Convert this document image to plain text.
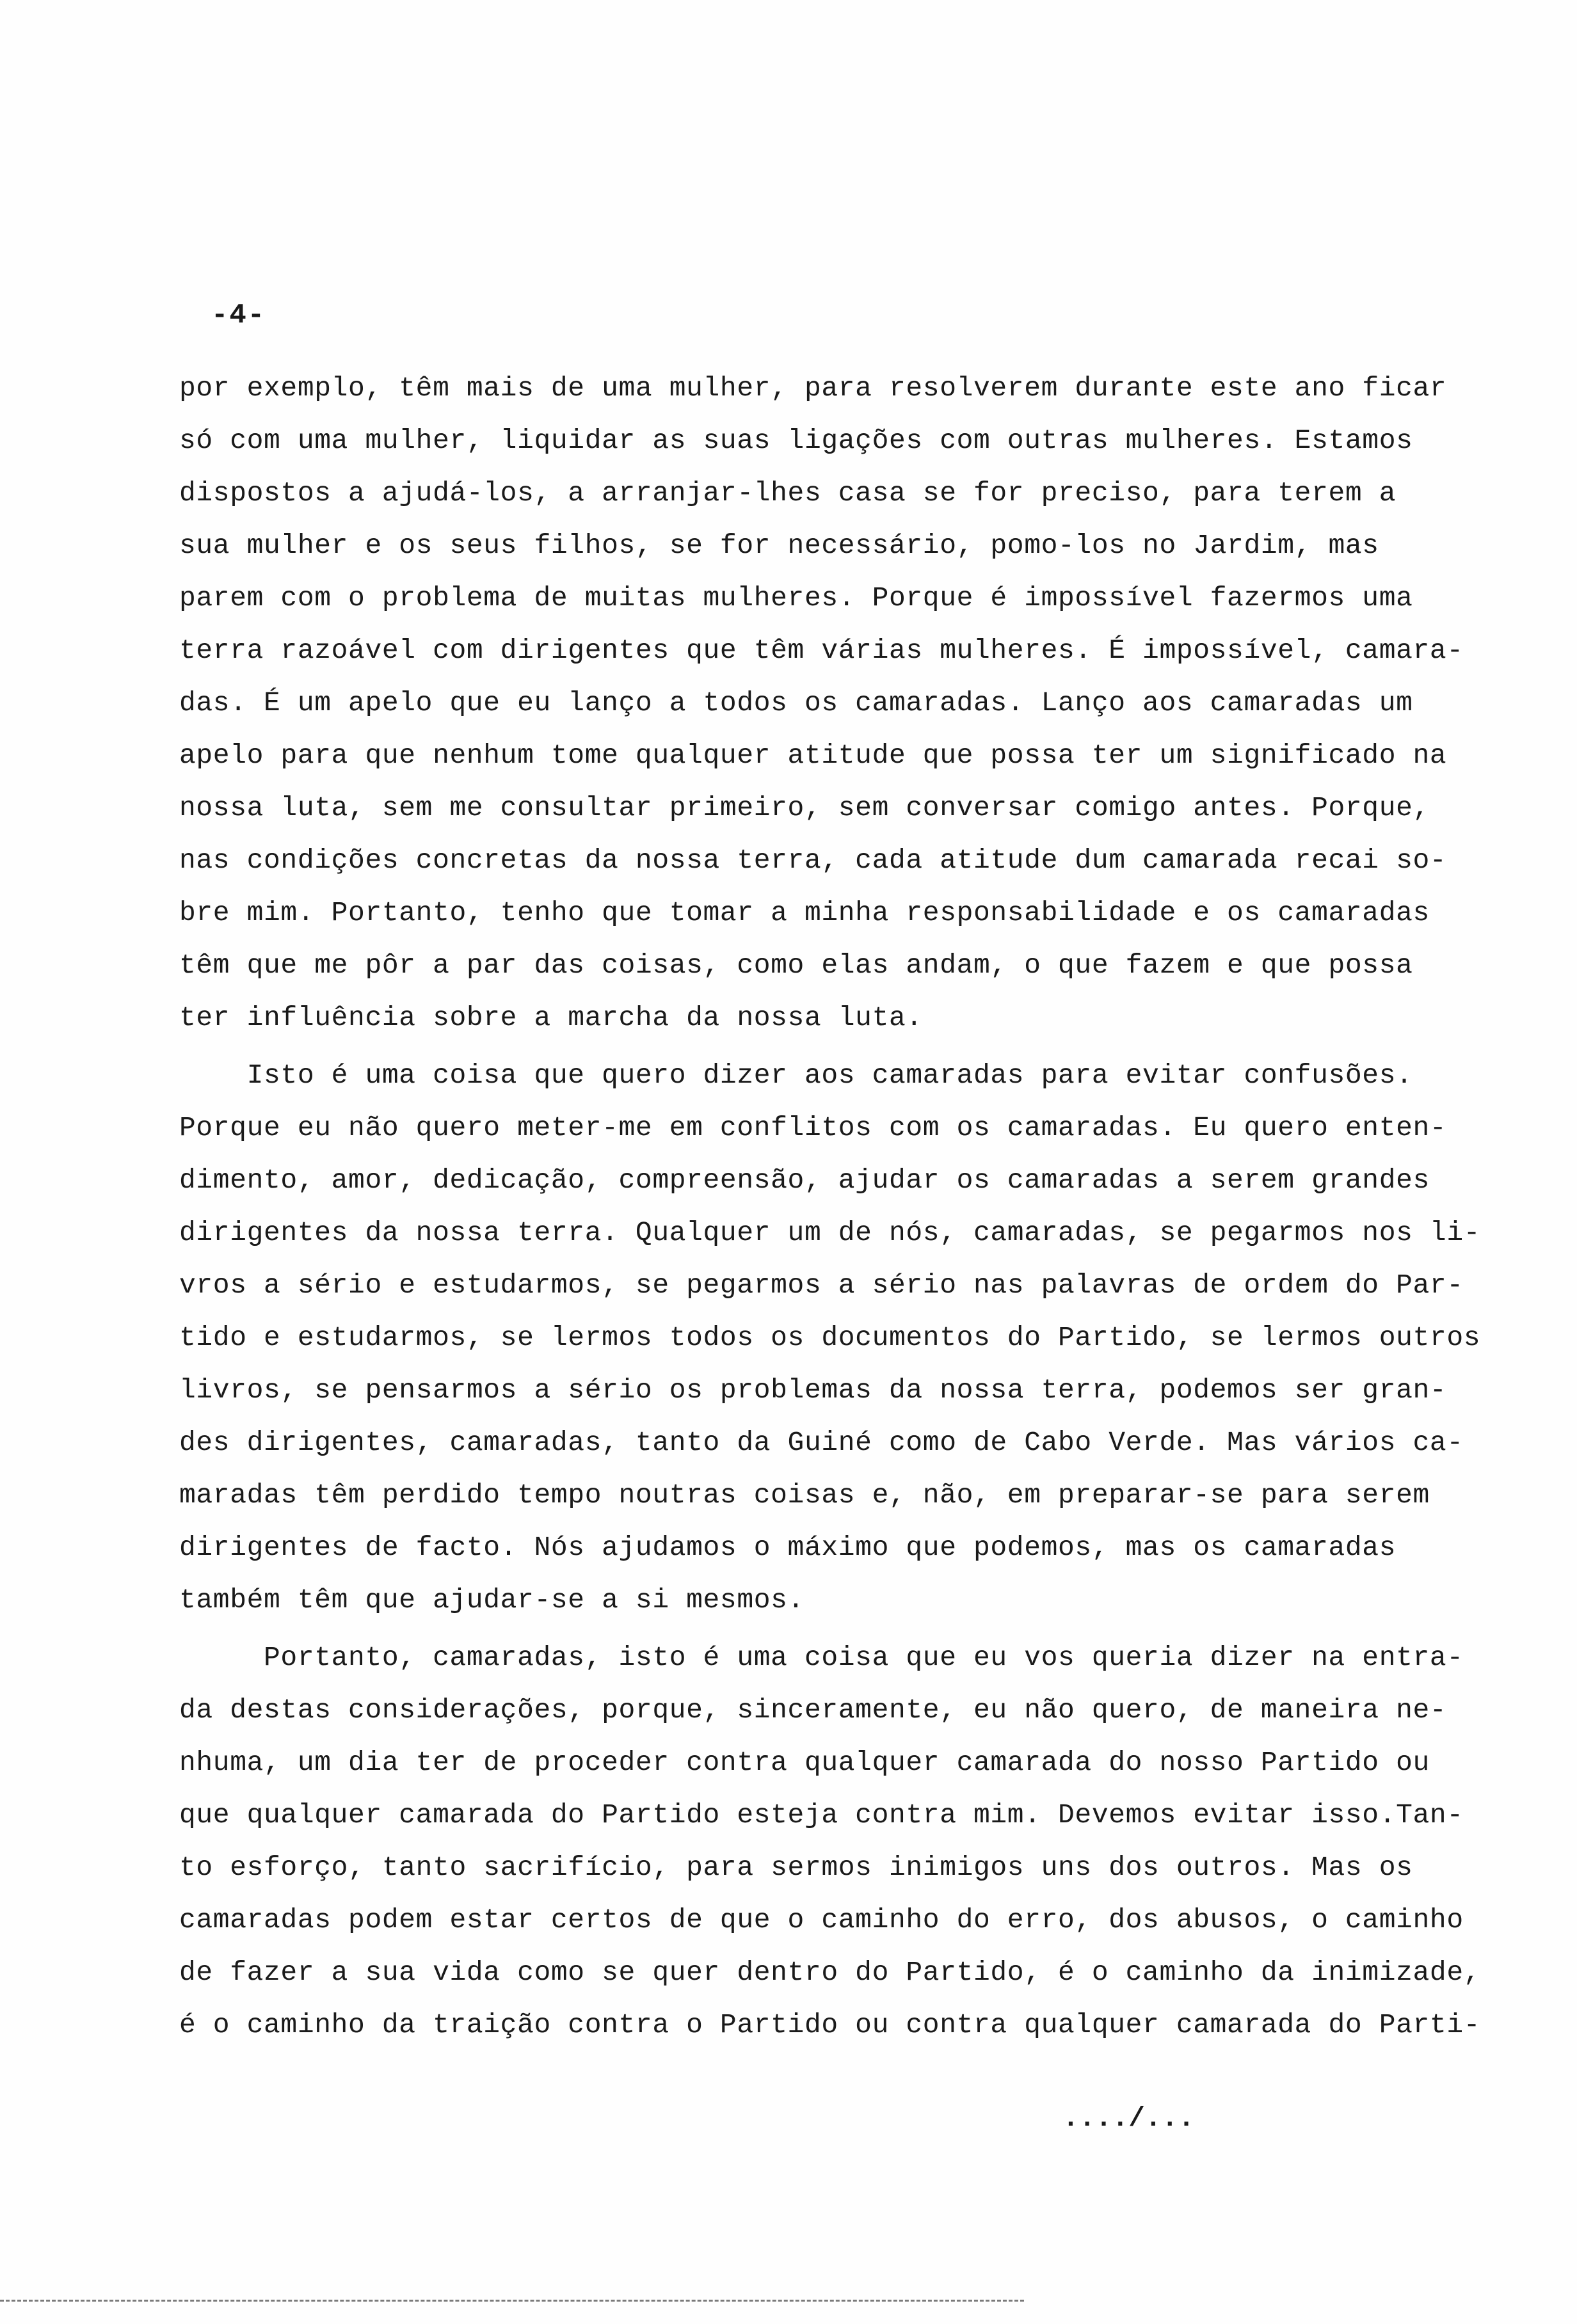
-4-

por exemplo, têm mais de uma mulher, para resolverem durante este ano ficar
só com uma mulher, liquidar as suas ligações com outras mulheres. Estamos
dispostos a ajudá-los, a arranjar-lhes casa se for preciso, para terem a
sua mulher e os seus filhos, se for necessário, pomo-los no Jardim, mas
parem com o problema de muitas mulheres. Porque é impossível fazermos uma
terra razoável com dirigentes que têm várias mulheres. É impossível, camara-
das. É um apelo que eu lanço a todos os camaradas. Lanço aos camaradas um
apelo para que nenhum tome qualquer atitude que possa ter um significado na
nossa luta, sem me consultar primeiro, sem conversar comigo antes. Porque,
nas condições concretas da nossa terra, cada atitude dum camarada recai so-
bre mim. Portanto, tenho que tomar a minha responsabilidade e os camaradas
têm que me pôr a par das coisas, como elas andam, o que fazem e que possa
ter influência sobre a marcha da nossa luta.
Isto é uma coisa que quero dizer aos camaradas para evitar confusões.
Porque eu não quero meter-me em conflitos com os camaradas. Eu quero enten-
dimento, amor, dedicação, compreensão, ajudar os camaradas a serem grandes
dirigentes da nossa terra. Qualquer um de nós, camaradas, se pegarmos nos li-
vros a sério e estudarmos, se pegarmos a sério nas palavras de ordem do Par-
tido e estudarmos, se lermos todos os documentos do Partido, se lermos outros
livros, se pensarmos a sério os problemas da nossa terra, podemos ser gran-
des dirigentes, camaradas, tanto da Guiné como de Cabo Verde. Mas vários ca-
maradas têm perdido tempo noutras coisas e, não, em preparar-se para serem
dirigentes de facto. Nós ajudamos o máximo que podemos, mas os camaradas
também têm que ajudar-se a si mesmos.
Portanto, camaradas, isto é uma coisa que eu vos queria dizer na entra-
da destas considerações, porque, sinceramente, eu não quero, de maneira ne-
nhuma, um dia ter de proceder contra qualquer camarada do nosso Partido ou
que qualquer camarada do Partido esteja contra mim. Devemos evitar isso.Tan-
to esforço, tanto sacrifício, para sermos inimigos uns dos outros. Mas os
camaradas podem estar certos de que o caminho do erro, dos abusos, o caminho
de fazer a sua vida como se quer dentro do Partido, é o caminho da inimizade,
é o caminho da traição contra o Partido ou contra qualquer camarada do Parti-

..../...
